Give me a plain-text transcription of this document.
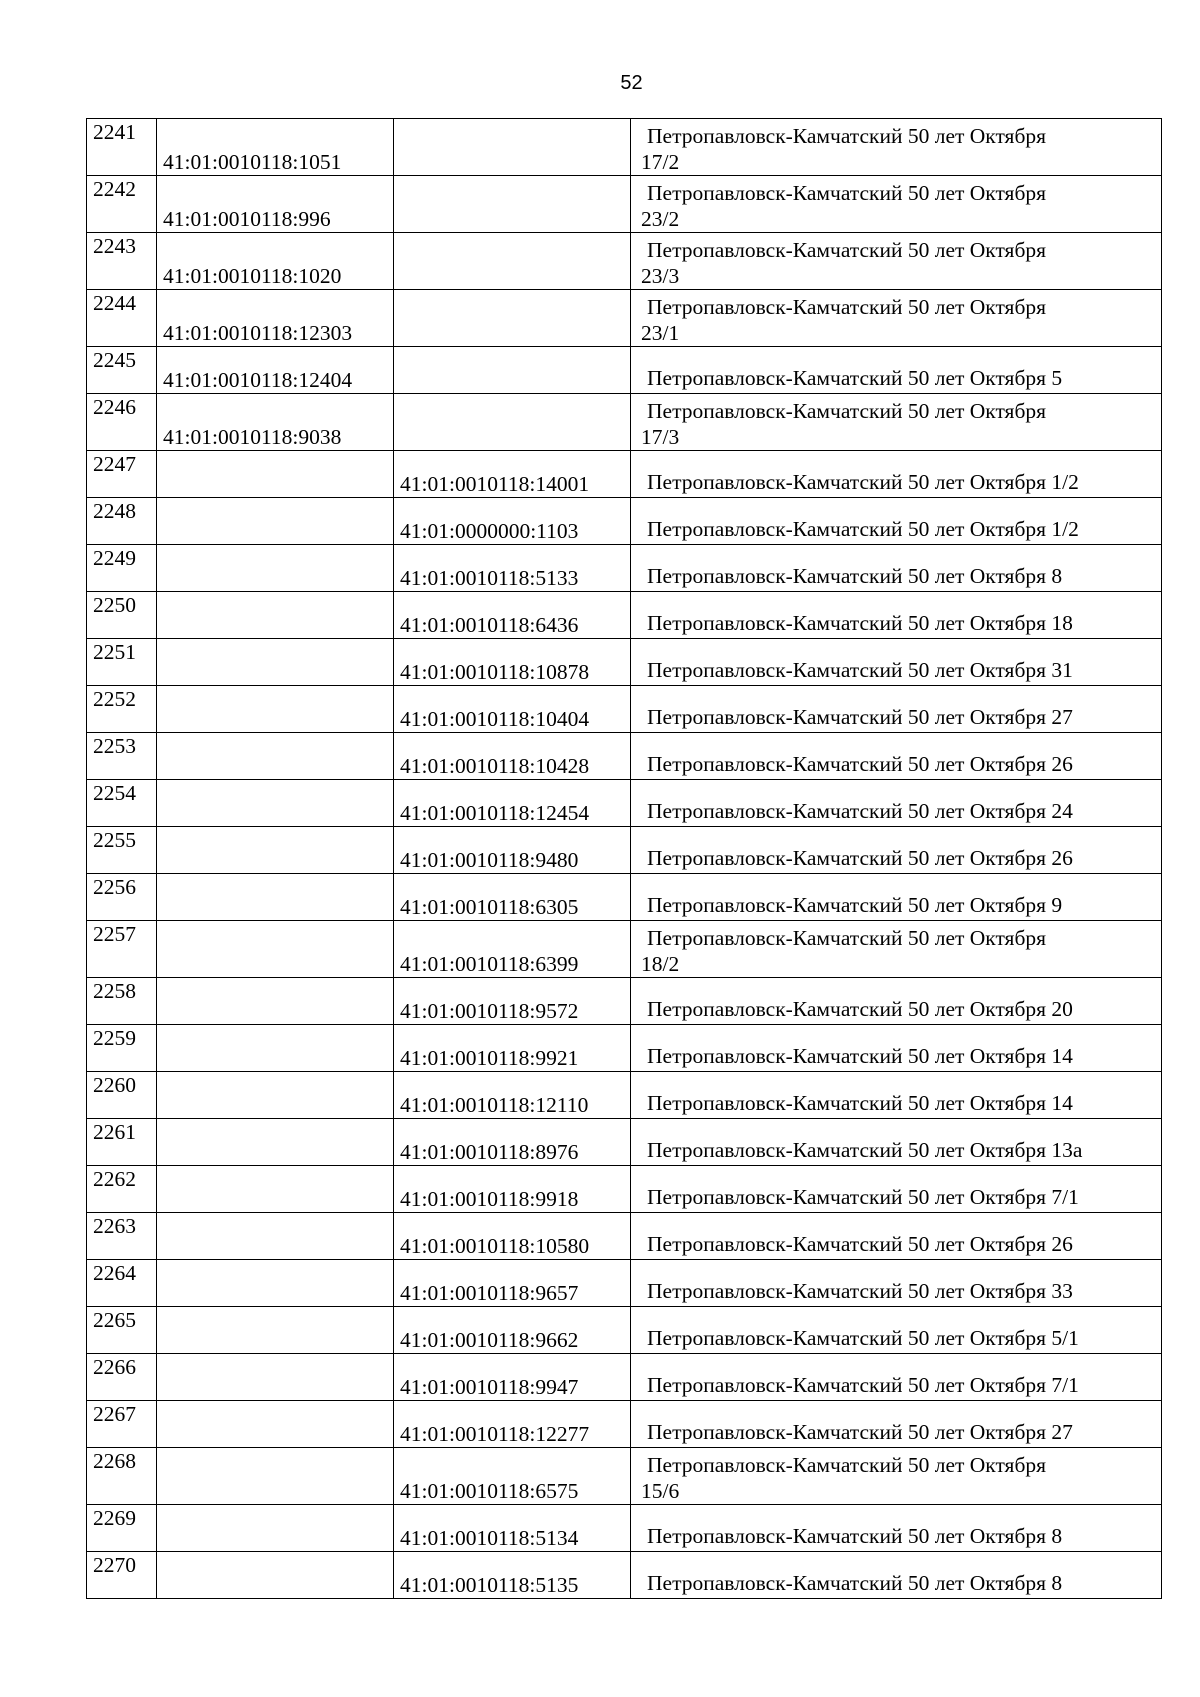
52
2241	41:01:0010118:1051		Петропавловск-Камчатский 50 лет Октября
17/2

2242	41:01:0010118:996		Петропавловск-Камчатский 50 лет Октября
23/2

2243	41:01:0010118:1020		Петропавловск-Камчатский 50 лет Октября
23/3

2244	41:01:0010118:12303		Петропавловск-Камчатский 50 лет Октября
23/1

2245	41:01:0010118:12404		Петропавловск-Камчатский 50 лет Октября 5

2246	41:01:0010118:9038		Петропавловск-Камчатский 50 лет Октября
17/3

2247		41:01:0010118:14001	Петропавловск-Камчатский 50 лет Октября 1/2

2248		41:01:0000000:1103	Петропавловск-Камчатский 50 лет Октября 1/2

2249		41:01:0010118:5133	Петропавловск-Камчатский 50 лет Октября 8

2250		41:01:0010118:6436	Петропавловск-Камчатский 50 лет Октября 18

2251		41:01:0010118:10878	Петропавловск-Камчатский 50 лет Октября 31

2252		41:01:0010118:10404	Петропавловск-Камчатский 50 лет Октября 27

2253		41:01:0010118:10428	Петропавловск-Камчатский 50 лет Октября 26

2254		41:01:0010118:12454	Петропавловск-Камчатский 50 лет Октября 24

2255		41:01:0010118:9480	Петропавловск-Камчатский 50 лет Октября 26

2256		41:01:0010118:6305	Петропавловск-Камчатский 50 лет Октября 9

2257		41:01:0010118:6399	Петропавловск-Камчатский 50 лет Октября
18/2

2258		41:01:0010118:9572	Петропавловск-Камчатский 50 лет Октября 20

2259		41:01:0010118:9921	Петропавловск-Камчатский 50 лет Октября 14

2260		41:01:0010118:12110	Петропавловск-Камчатский 50 лет Октября 14

2261		41:01:0010118:8976	Петропавловск-Камчатский 50 лет Октября 13а

2262		41:01:0010118:9918	Петропавловск-Камчатский 50 лет Октября 7/1

2263		41:01:0010118:10580	Петропавловск-Камчатский 50 лет Октября 26

2264		41:01:0010118:9657	Петропавловск-Камчатский 50 лет Октября 33

2265		41:01:0010118:9662	Петропавловск-Камчатский 50 лет Октября 5/1

2266		41:01:0010118:9947	Петропавловск-Камчатский 50 лет Октября 7/1

2267		41:01:0010118:12277	Петропавловск-Камчатский 50 лет Октября 27

2268		41:01:0010118:6575	Петропавловск-Камчатский 50 лет Октября
15/6

2269		41:01:0010118:5134	Петропавловск-Камчатский 50 лет Октября 8

2270		41:01:0010118:5135	Петропавловск-Камчатский 50 лет Октября 8
